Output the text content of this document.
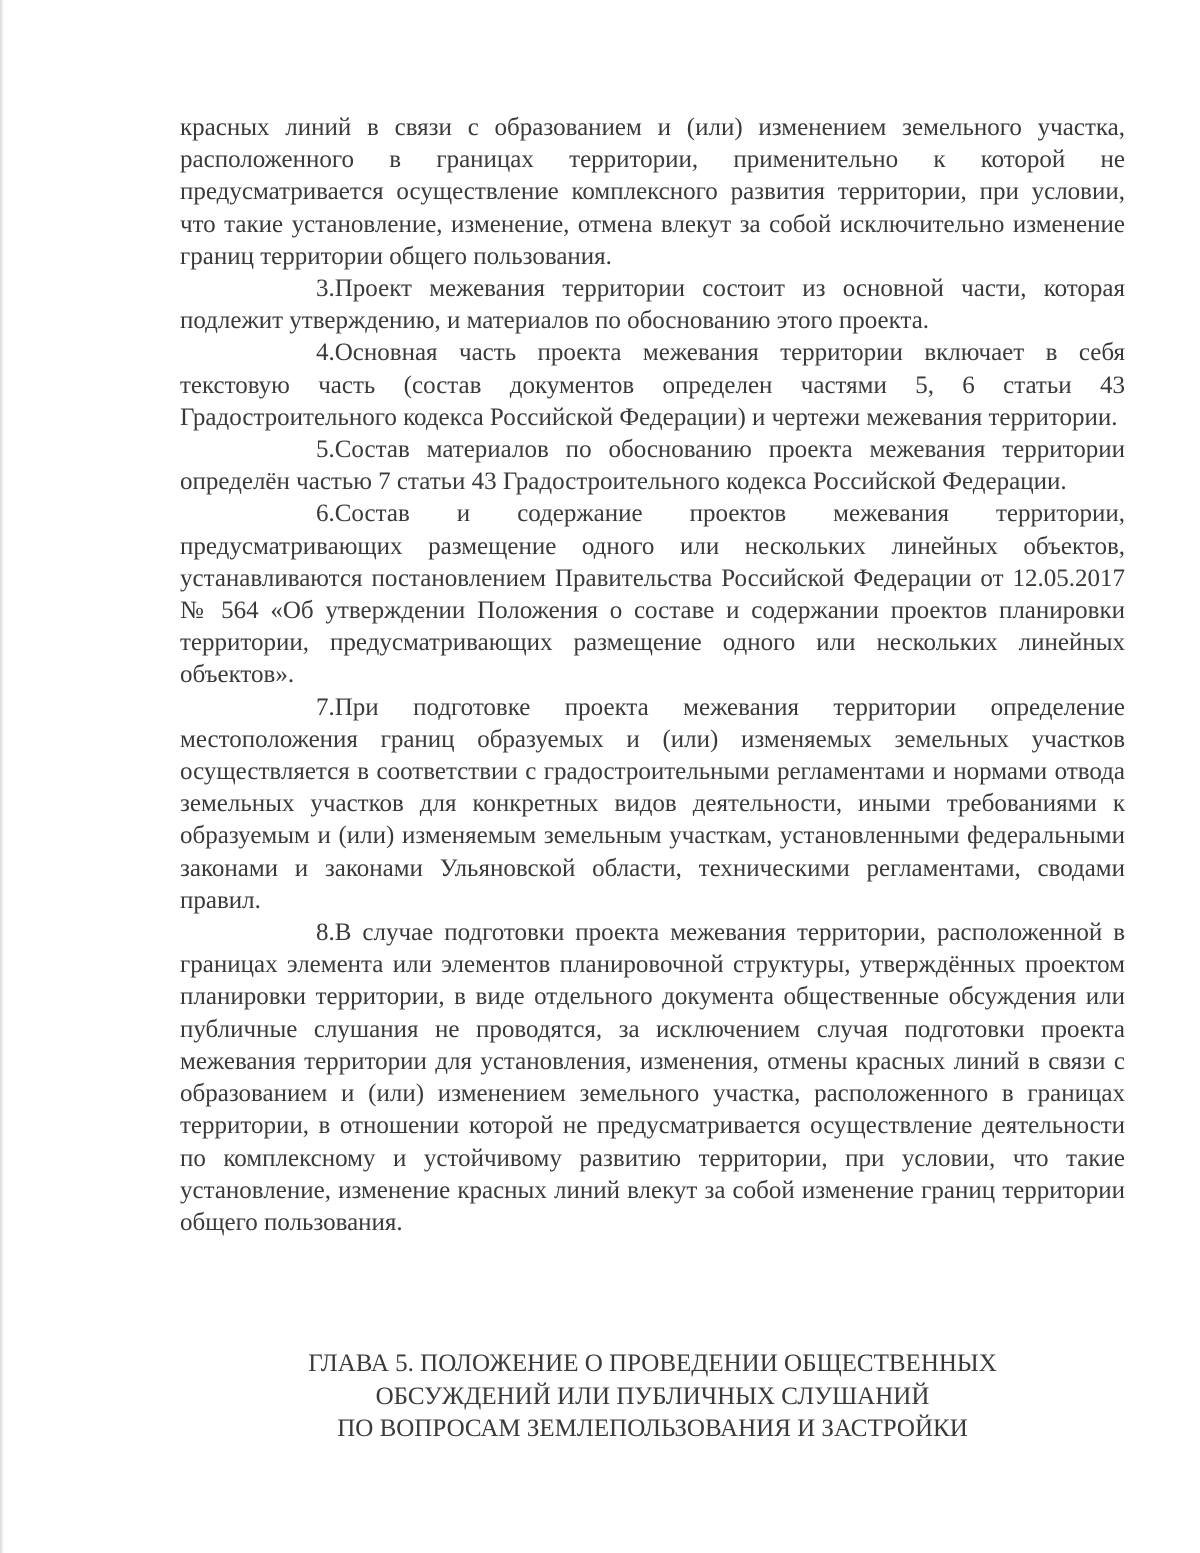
красных линий в связи с образованием и (или) изменением земельного участка, расположенного в границах территории, применительно к которой не предусматривается осуществление комплексного развития территории, при условии, что такие установление, изменение, отмена влекут за собой исключительно изменение границ территории общего пользования.

3.Проект межевания территории состоит из основной части, которая подлежит утверждению, и материалов по обоснованию этого проекта.

4.Основная часть проекта межевания территории включает в себя текстовую часть (состав документов определен частями 5, 6 статьи 43 Градостроительного кодекса Российской Федерации) и чертежи межевания территории.

5.Состав материалов по обоснованию проекта межевания территории определён частью 7 статьи 43 Градостроительного кодекса Российской Федерации.

6.Состав и содержание проектов межевания территории, предусматривающих размещение одного или нескольких линейных объектов, устанавливаются постановлением Правительства Российской Федерации от 12.05.2017 № 564 «Об утверждении Положения о составе и содержании проектов планировки территории, предусматривающих размещение одного или нескольких линейных объектов».

7.При подготовке проекта межевания территории определение местоположения границ образуемых и (или) изменяемых земельных участков осуществляется в соответствии с градостроительными регламентами и нормами отвода земельных участков для конкретных видов деятельности, иными требованиями к образуемым и (или) изменяемым земельным участкам, установленными федеральными законами и законами Ульяновской области, техническими регламентами, сводами правил.

8.В случае подготовки проекта межевания территории, расположенной в границах элемента или элементов планировочной структуры, утверждённых проектом планировки территории, в виде отдельного документа общественные обсуждения или публичные слушания не проводятся, за исключением случая подготовки проекта межевания территории для установления, изменения, отмены красных линий в связи с образованием и (или) изменением земельного участка, расположенного в границах территории, в отношении которой не предусматривается осуществление деятельности по комплексному и устойчивому развитию территории, при условии, что такие установление, изменение красных линий влекут за собой изменение границ территории общего пользования.

ГЛАВА 5. ПОЛОЖЕНИЕ О ПРОВЕДЕНИИ ОБЩЕСТВЕННЫХ
ОБСУЖДЕНИЙ ИЛИ ПУБЛИЧНЫХ СЛУШАНИЙ
ПО ВОПРОСАМ ЗЕМЛЕПОЛЬЗОВАНИЯ И ЗАСТРОЙКИ
